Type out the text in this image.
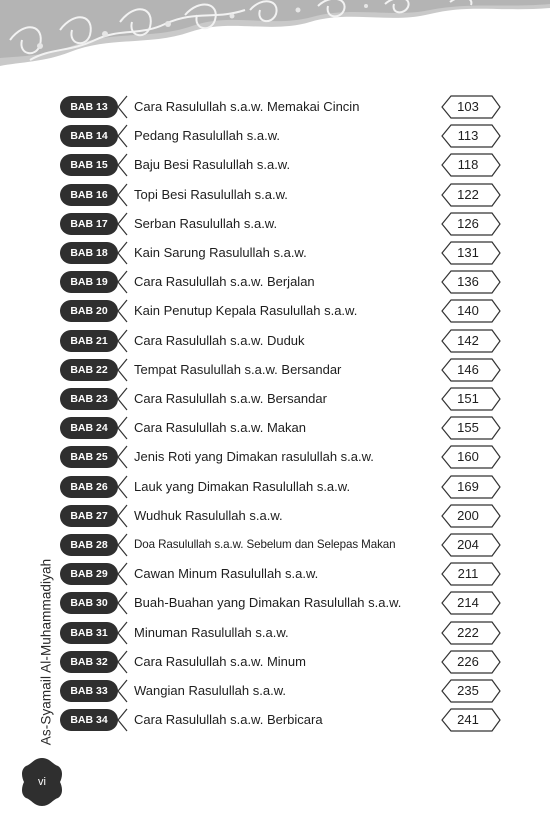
As-Syamail Al-Muhammadiyah
BAB 13	Cara Rasulullah s.a.w. Memakai Cincin	103
BAB 14	Pedang Rasulullah s.a.w.	113
BAB 15	Baju Besi Rasulullah s.a.w.	118
BAB 16	Topi Besi Rasulullah s.a.w.	122
BAB 17	Serban Rasulullah s.a.w.	126
BAB 18	Kain Sarung Rasulullah s.a.w.	131
BAB 19	Cara Rasulullah s.a.w. Berjalan	136
BAB 20	Kain Penutup Kepala Rasulullah s.a.w.	140
BAB 21	Cara Rasulullah s.a.w. Duduk	142
BAB 22	Tempat Rasulullah s.a.w. Bersandar	146
BAB 23	Cara Rasulullah s.a.w. Bersandar	151
BAB 24	Cara Rasulullah s.a.w. Makan	155
BAB 25	Jenis Roti yang Dimakan rasulullah s.a.w.	160
BAB 26	Lauk yang Dimakan Rasulullah s.a.w.	169
BAB 27	Wudhuk Rasulullah s.a.w.	200
BAB 28	Doa Rasulullah s.a.w. Sebelum dan Selepas Makan	204
BAB 29	Cawan Minum Rasulullah s.a.w.	211
BAB 30	Buah-Buahan yang Dimakan Rasulullah s.a.w.	214
BAB 31	Minuman Rasulullah s.a.w.	222
BAB 32	Cara Rasulullah s.a.w. Minum	226
BAB 33	Wangian Rasulullah s.a.w.	235
BAB 34	Cara Rasulullah s.a.w. Berbicara	241
vi
